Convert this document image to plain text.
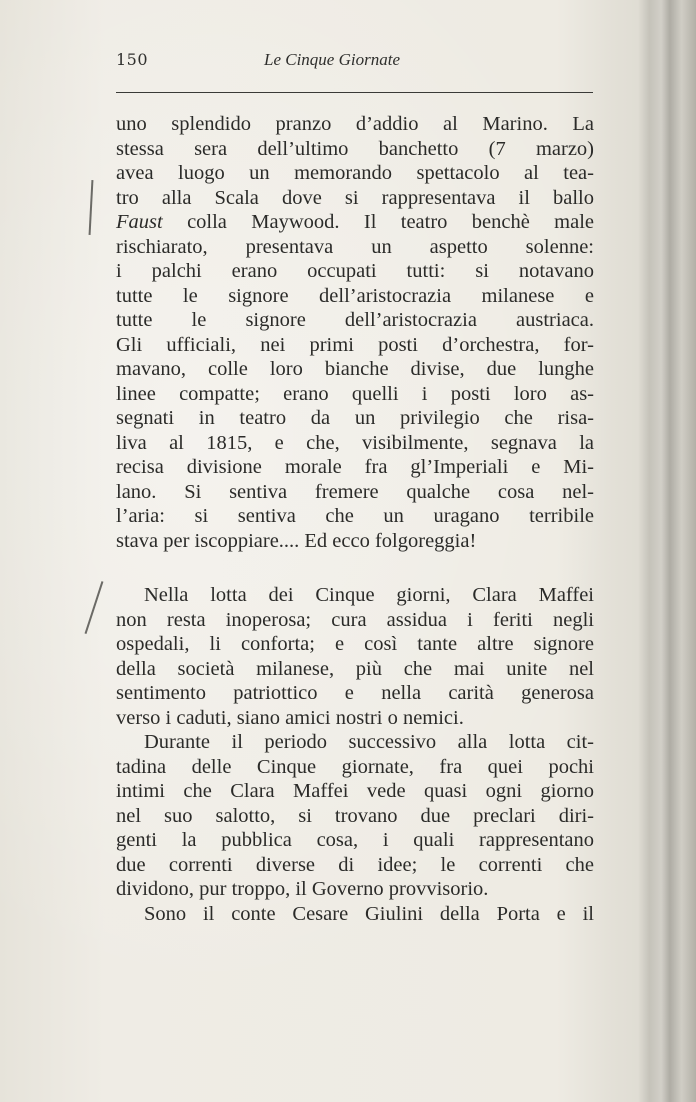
150	Le Cinque Giornate
uno splendido pranzo d’addio al Marino. La
stessa sera dell’ultimo banchetto (7 marzo)
avea luogo un memorando spettacolo al tea-
tro alla Scala dove si rappresentava il ballo
Faust colla Maywood. Il teatro benchè male
rischiarato, presentava un aspetto solenne:
i palchi erano occupati tutti: si notavano
tutte le signore dell’aristocrazia milanese e
tutte le signore dell’aristocrazia austriaca.
Gli ufficiali, nei primi posti d’orchestra, for-
mavano, colle loro bianche divise, due lunghe
linee compatte; erano quelli i posti loro as-
segnati in teatro da un privilegio che risa-
liva al 1815, e che, visibilmente, segnava la
recisa divisione morale fra gl’Imperiali e Mi-
lano. Si sentiva fremere qualche cosa nel-
l’aria: si sentiva che un uragano terribile
stava per iscoppiare.... Ed ecco folgoreggia!
Nella lotta dei Cinque giorni, Clara Maffei
non resta inoperosa; cura assidua i feriti negli
ospedali, li conforta; e così tante altre signore
della società milanese, più che mai unite nel
sentimento patriottico e nella carità generosa
verso i caduti, siano amici nostri o nemici.
Durante il periodo successivo alla lotta cit-
tadina delle Cinque giornate, fra quei pochi
intimi che Clara Maffei vede quasi ogni giorno
nel suo salotto, si trovano due preclari diri-
genti la pubblica cosa, i quali rappresentano
due correnti diverse di idee; le correnti che
dividono, pur troppo, il Governo provvisorio.
Sono il conte Cesare Giulini della Porta e il
